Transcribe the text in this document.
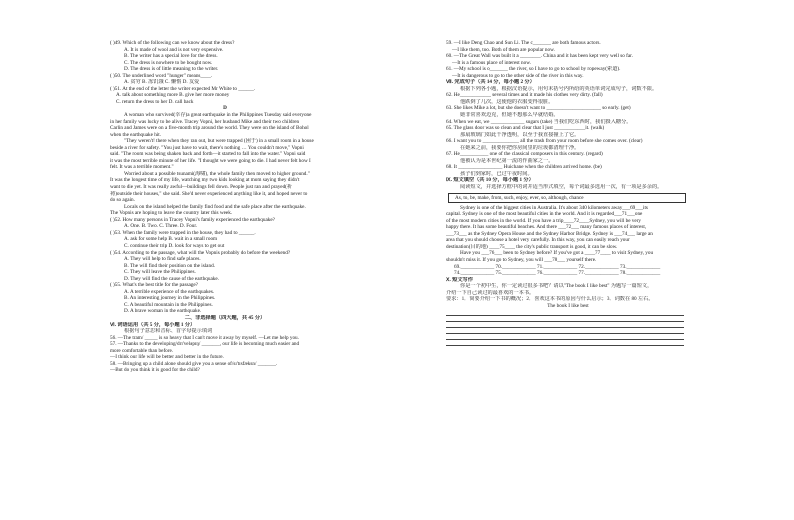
( )49. Which of the following can we know about the dress?
A. It is made of wool and is not very expensive.
B. The writer has a special love for the dress.
C. The dress is nowhere to be bought now.
D. The dress is of little meaning to the writer.
( )50. The underlined word "hunger" means____.
A. 贫穷 B. 冻饥饿 C. 懒惰 D. 友爱
( )51. At the end of the letter the writer expected Mr White to ______.
A. talk about something more B. give her more money
C. return the dress to her D. call back
D
A woman who survived(幸存)a great earthquake in the Philippines Tuesday said everyone
in her family was lucky to be alive. Tracey Vopni, her husband Mike and their two children
Carlin and James were on a five-month trip around the world. They were on the island of Bohol
when the earthquake hit.
"They weren't! there when they ran out, but were trapped (困于) in a small room in a house
beside a river for safety. "You just have to wait, there's nothing … You couldn't move," Vopni
said. "The room was being shaken back and forth—it started to fall into the water." Vopni said
it was the most terrible minute of her life. "I thought we were going to die. I had never felt how I
felt. It was a terrible moment."
Worried about a possible tsunami(海啸), the whole family then moved to higher ground."
It was the longest time of my life, watching my two kids looking at mom saying they didn't
want to die yet. It was really awful—buildings fell down. People just ran and prayed(祈
祷)outside their houses," she said. She'd never experienced anything like it, and hoped never to
do so again.
Locals on the island helped the family find food and the safe place after the earthquake.
The Vopnis are hoping to leave the country later this week.
( )52. How many persons in Tracey Vopni's family experienced the earthquake?
A. One. B. Two. C. Three. D. Four.
( )53. When the family were trapped in the house, they had to ______.
A. ask for some help B. wait in a small room
C. continue their trip D. look for ways to get out
( )54. According to the passage, what will the Vopnis probably do before the weekend?
A. They will help to find safe places.
B. The will find their position on the island.
C. They will leave the Philippines.
D. They will find the cause of the earthquake.
( )55. What's the best title for the passage?
A. A terrible experience of the earthquakes.
B. An interesting journey in the Philippines.
C. A beautiful mountain in the Philippines.
D. A brave woman in the earthquake.
二、非选择题（四大题，共 45 分）
Ⅵ. 词语运用（共 5 分，每小题 1 分）
根据句子意思和音标、首字母提示填词
56. —The tram/ _____ is so heavy that I can't move it away by myself. —Let me help you.
57. —Thanks to the developing/drɪ'veləpɪŋ/ _______, our life is becoming much easier and
more comfortable than before.
—I think our life will be better and better in the future.
58. —Bringing up a child alone should give you a sense of/sɪ'tɪsfæksn/ _______.
—But do you think it is good for the child?
59. —I like Deng Chao and Sun Li. The c_______ are both famous actors.
—I like them, too. Both of them are popular now.
60. —The Great Wall was built it a ________. China and it has been kept very well so far.
—It is a famous place of interest now.
61. —My school is o_______ the river, so I have to go to school by ropeway(索道).
—It is dangerous to go to the other side of the river in this way.
Ⅶ. 完成句子（共 14 分，每小题 2 分）
根据下列各小题，根据汉语提示，用句末括号内所给的英语单词完成句子，词数不限。
62. He____________ several times and it made his clothes very dirty. (fall)
他跌倒了几次，这使他的衣服变得很脏。
63. She likes Mike a lot, but she doesn't want to _____________________ so early. (get)
她非常喜欢迈克，但她不想那么早就结婚。
64. When we eat, we _____________ sugars (take) 当我们吃东西时，我们摄入糖分。
65. The glass door was so clean and clear that I just ____________it. (walk)
那扇玻璃门如此干净透明，以至于我直接撞上了它。
66. I want you to ______________ all the trash from your room before she comes over. (clear)
在她来之前，我要你把你房间里的垃圾都清理干净。
67. He___________ one of the classical composers in this century. (regard)
他被认为是本世纪第一流的作曲家之一。
68. It _________________ Huichane when the children arrived home. (be)
孩子们到家时，已过午夜时间。
Ⅸ. 短文填空（共 10 分，每小题 1 分）
阅读短文，并选择方框中的词并适当形式填空，每个词最多选用一次，有一项是多余的。
As, to, be, make, from, such, enjoy, ever, so, although, chance
Sydney is one of the biggest cities in Australia. It's about 340 kilometers away___69___its
capital. Sydney is one of the most beautiful cities in the world. And it is regarded___71___one
of the most modern cities in the world. If you have a trip____72____Sydney, you will be very
happy there. It has some beautiful beaches. And there ___72___ many famous places of interest,
___73___ as the Sydney Opera House and the Sydney Harbor Bridge. Sydney is ___74___ large an
area that you should choose a hotel very carefully. In this way, you can easily reach your
destination(目的地) ____75____ the city's public transport is good, it can be slow.
Have you ___76___ been to Sydney before? If you've got a ____77____ to visit Sydney, you
shouldn't miss it. If you go to Sydney, you will ___78___ yourself there.
69._____________ 70._____________ 71._____________ 72._____________ 73._____________
74._____________ 75._____________ 76._____________ 77._____________ 78._____________
Ⅹ. 短文写作
你是一个初中生，你一定读过很多书吧？请以"The book I like best" 为题写一篇短文，
介绍一下自己读过的最喜欢的一本书。
要求：1．简要介绍一下书的概况；2．喜欢这本书的原因与什么启示；3．词数在 80 左右。
The book I like best
